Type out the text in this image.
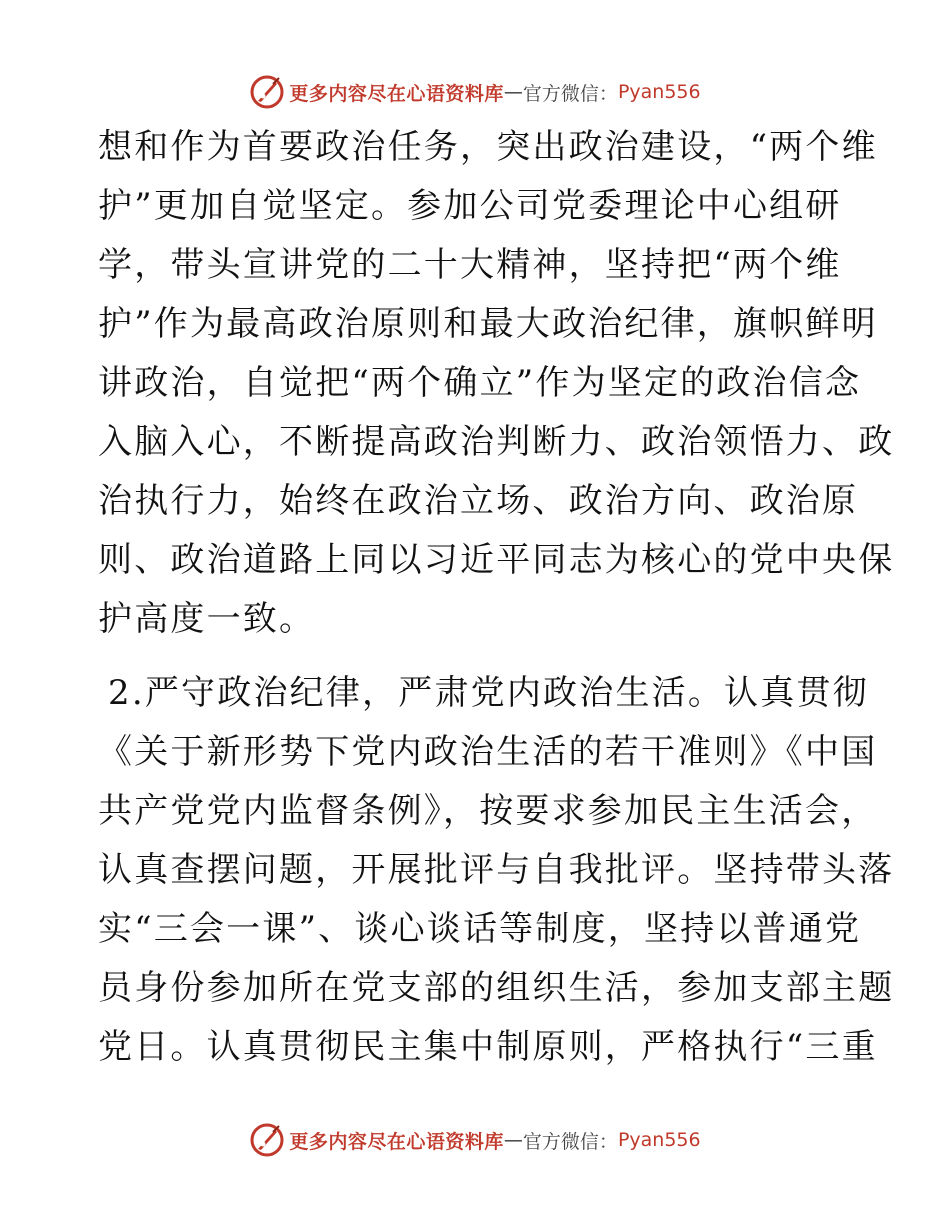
更多内容尽在心语资料库 — 官方微信： Pyan556
想和作为首要政治任务，突出政治建设，“两个维
护”更加自觉坚定。参加公司党委理论中心组研
学，带头宣讲党的二十大精神，坚持把“两个维
护”作为最高政治原则和最大政治纪律，旗帜鲜明
讲政治，自觉把“两个确立”作为坚定的政治信念
入脑入心，不断提高政治判断力、政治领悟力、政
治执行力，始终在政治立场、政治方向、政治原
则、政治道路上同以习近平同志为核心的党中央保
护高度一致。
2.严守政治纪律，严肃党内政治生活。认真贯彻
《关于新形势下党内政治生活的若干准则》《中国
共产党党内监督条例》，按要求参加民主生活会，
认真查摆问题，开展批评与自我批评。坚持带头落
实“三会一课”、谈心谈话等制度，坚持以普通党
员身份参加所在党支部的组织生活，参加支部主题
党日。认真贯彻民主集中制原则，严格执行“三重
更多内容尽在心语资料库 — 官方微信： Pyan556
